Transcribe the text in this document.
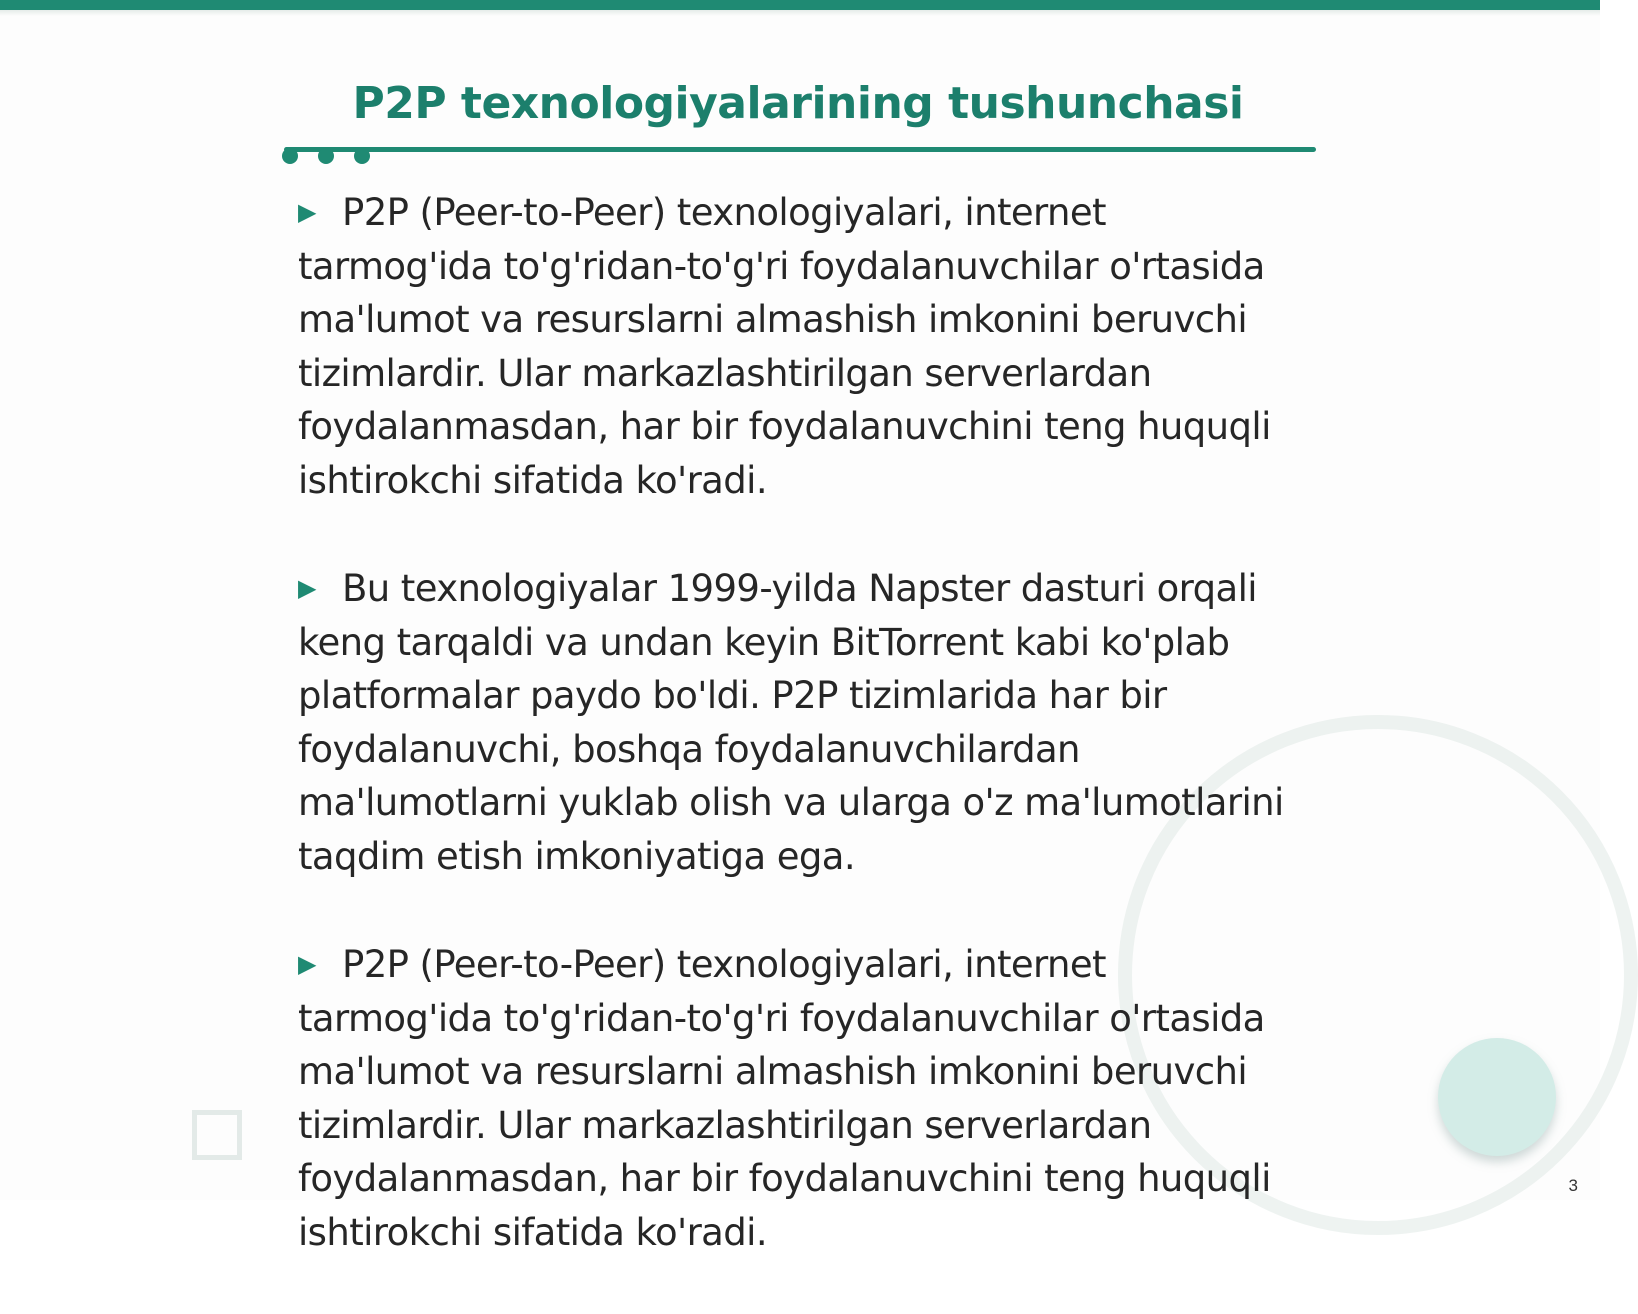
P2P texnologiyalarining tushunchasi

▶ P2P (Peer-to-Peer) texnologiyalari, internet tarmog'ida to'g'ridan-to'g'ri foydalanuvchilar o'rtasida ma'lumot va resurslarni almashish imkonini beruvchi tizimlardir. Ular markazlashtirilgan serverlardan foydalanmasdan, har bir foydalanuvchini teng huquqli ishtirokchi sifatida ko'radi.

▶ Bu texnologiyalar 1999-yilda Napster dasturi orqali keng tarqaldi va undan keyin BitTorrent kabi ko'plab platformalar paydo bo'ldi. P2P tizimlarida har bir foydalanuvchi, boshqa foydalanuvchilardan ma'lumotlarni yuklab olish va ularga o'z ma'lumotlarini taqdim etish imkoniyatiga ega.

▶ P2P (Peer-to-Peer) texnologiyalari, internet tarmog'ida to'g'ridan-to'g'ri foydalanuvchilar o'rtasida ma'lumot va resurslarni almashish imkonini beruvchi tizimlardir. Ular markazlashtirilgan serverlardan foydalanmasdan, har bir foydalanuvchini teng huquqli ishtirokchi sifatida ko'radi.

3
